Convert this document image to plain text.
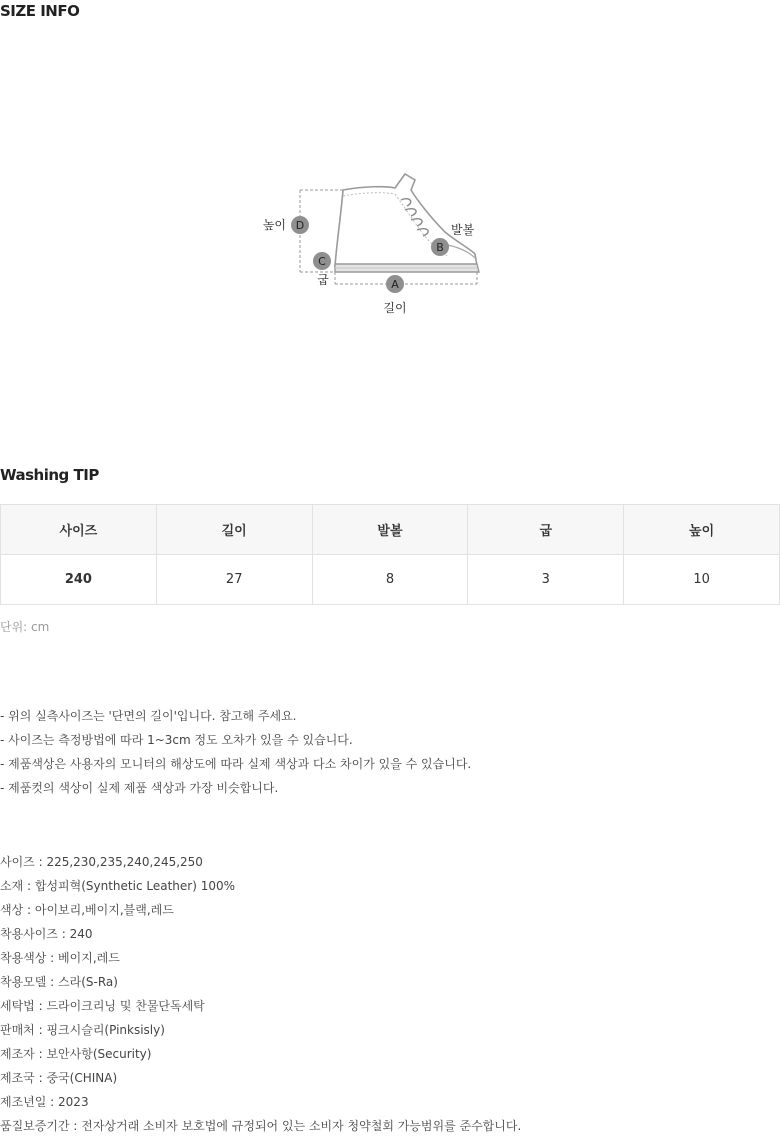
SIZE INFO
D
B
C
A
높이	발볼
굽
길이
Washing TIP
사이즈	길이	발볼	굽	높이
240	27	8	3	10
단위: cm
- 위의 실측사이즈는 '단면의 길이'입니다. 참고해 주세요.
- 사이즈는 측정방법에 따라 1~3cm 정도 오차가 있을 수 있습니다.
- 제품색상은 사용자의 모니터의 해상도에 따라 실제 색상과 다소 차이가 있을 수 있습니다.
- 제품컷의 색상이 실제 제품 색상과 가장 비슷합니다.
사이즈 : 225,230,235,240,245,250
소재 : 합성피혁(Synthetic Leather) 100%
색상 : 아이보리,베이지,블랙,레드
착용사이즈 : 240
착용색상 : 베이지,레드
착용모델 : 스라(S-Ra)
세탁법 : 드라이크리닝 및 찬물단독세탁
판매처 : 핑크시슬리(Pinksisly)
제조자 : 보안사항(Security)
제조국 : 중국(CHINA)
제조년일 : 2023
품질보증기간 : 전자상거래 소비자 보호법에 규정되어 있는 소비자 청약철회 가능범위를 준수합니다.
